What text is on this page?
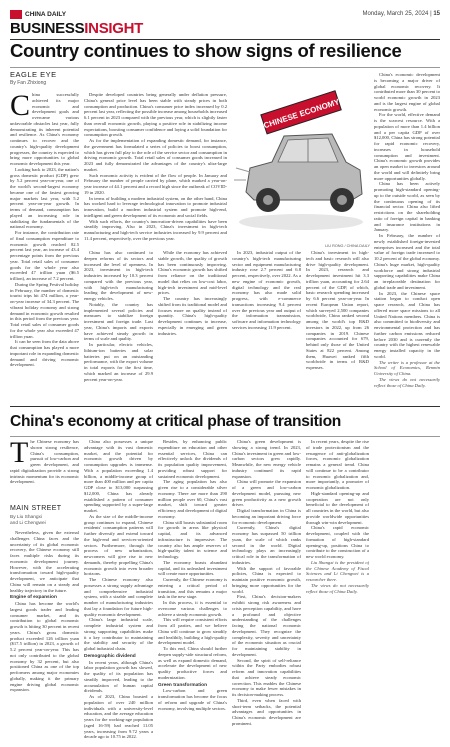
CHINA DAILY	Monday, March 25, 2024 | 15
BUSINESSINSIGHT
Country continues to show signs of resilience
EAGLE EYE
By Fan Zhixiong

China successfully achieved its major economic and development goals and overcame various unfavorable obstacles last year, fully demonstrating its inherent potential and resilience. As China's economy continues to recover and the country's high-quality development progresses, the country is expected to bring more opportunities to global economic development this year.

Looking back to 2023, the nation's gross domestic product (GDP) grew by 5.2 percent year-on-year, one of the world's second-largest economy became one of the fastest growing major markets last year, with 5.2 percent year-on-year growth. In terms of demand, consumption has played an increasing role in stabilizing the fundamentals of the national economy.

For instance, the contribution rate of final consumption expenditure to economic growth reached 82.5 percent last year, an increase of 43.4 percentage points from the previous year. Total retail sales of consumer goods for the whole year also exceeded 47 trillion yuan ($6.5 trillion), an increase of 7.2 percent.

During the Spring Festival holiday in February, the number of domestic tourist trips hit 474 million, a year-on-year increase of 34.3 percent. The vibrant holiday economy and strong demand in economic growth resulted in this period from the previous year. Total retail sales of consumer goods for the whole year also exceeded 47 trillion yuan.

It can be seen from the data above that consumption has played a more important role in expanding domestic demand and driving economic development.

China has also continued to deepen reforms of its sectors and increased the level of openness. In 2023, investment in high-tech industries increased by 10.3 percent compared with the previous year, with high-tech manufacturing leading the development of new-energy vehicles.

Notably, the country has implemented several policies and measures to stabilize foreign investment and foreign trade. Last year, China's imports and exports have achieved steady growth in terms of scale and quality.

In particular, electric vehicles, lithium-ion batteries and solar batteries put on an outstanding performance, with the export volume in total exports for the first time, which marked an increase of 29.9 percent year-on-year.

While the economy has achieved stable growth, the quality of growth has been continuously improving. China's economic growth has shifted from reliance on the traditional model that relies on low-cost labor, high-tech investment and mid-level prices.

The country has increasingly shifted from its traditional model and focuses more on quality instead of quantity. China's high-quality development continues to increase, especially in emerging and green industries.

In 2023, industrial output of the country's high-tech manufacturing sector and equipment manufacturing industry rose 2.7 percent and 6.8 percent, respectively, over 2022. As a new engine of economic growth, digital technology and the real economy has also made solid progress, with e-commerce transactions increasing 9.4 percent over the previous year and output of the information transmission, software and information technology services increasing 11.9 percent.

China's investment in high-tech and basic research will also drive high-quality development. In 2023, research and development investment hit 3.3 trillion yuan, accounting for 2.64 percent of the GDP, of which, basic research spending increased by 6.6 percent year-on-year. In recent European Union report, which surveyed 2,500 companies worldwide, China ranked second among the world's top R&D investors in 2022, up from 26 companies in 2019. Chinese companies accounted for 679, behind only those of the United States at 822 percent. Among them, Huawei ranked fifth worldwide in terms of R&D expenses.

China's economic development is becoming a major driver of global economic recovery. It contributed more than 30 percent to world economic growth in 2023 and is the largest engine of global economic growth.

For the world, effective demand is the scarcest resource. With a population of more than 1.4 billion and a per capita GDP of over $12,000, China has strong potential for rapid economic recovery, increases in household consumption and investment. China's economic growth provides an open market to investors around the world and will definitely bring more opportunities globally.

China has been actively promoting high-standard opening-up to the outside world, as seen by the continuous opening of its financial sector. China also lifted restrictions on the shareholding ratio of foreign capital in banking and insurance institutions in January.

In February, the number of newly established foreign-invested enterprises increased and the total value of foreign trade increased to 10.2 percent of the global economy. China's huge market, high-quality workforce and strong industrial supporting capabilities make China an irreplaceable destination for global trade and investment.

In 2023, the Chinese space station began to conduct open space research, and China has offered more space missions to all United Nations members. China is also committed to biodiversity and environmental protection and has further carbon emissions reduced before 2030 and is currently the country with the highest renewable energy installed capacity in the world.

The writer is a professor at the School of Economics, Renmin University of China.

The views do not necessarily reflect those of China Daily.

Despite developed countries being generally under deflation pressure, China's general price level has been stable with steady prices in both consumption and production. China's consumer price index increased by 0.2 percent last year, reflecting the possible increase among households increased 6.1 percent in 2023 compared with the previous year, which is slightly faster than overall economic growth, playing a positive role in stabilizing income expectations, boosting consumer confidence and laying a solid foundation for consumption growth.

As for the implementation of expanding domestic demand, for instance, the government has formulated a series of policies to boost consumption, which has given full play to the role of the service sector and consumption in driving economic growth. Total retail sales of consumer goods increased in 2023 and fully demonstrated the advantages of the country's ultra-large market.

Such economic activity is evident of the flow of people. In January and February the number of people carried by plane, which marked a year-on-year increase of 44.1 percent and a record high since the outbreak of COVID-19 in 2020.

In terms of building a modern industrial system, on the other hand, China has worked hard to leverage technological innovation to promote industrial innovation, build a modern industrial system and promote high-end, intelligent and green development of its economic and social fields.

With such efforts, the country's innovation-driven capabilities have been steadily improving. Also in 2023, China's investment in high-tech manufacturing and high-tech service industries increased by 9.9 percent and 11.4 percent, respectively, over the previous year.

CHINESE ECONOMY
LIU RONG / CHINA DAILY
China's economy at critical phase of transition
MAIN STREET
By Liu Shangxi
and Li Chengwei

The Chinese economy has shown strong resilience, China's consumption, pursuit of low-carbon and green development, and rapid digitalization provide a strong intrinsic momentum for its economic development.

Nevertheless, given the external challenges China faces and the uncertainty of its global economic recovery, the Chinese economy still faces multiple risks during its economic development journey. However, with the accelerating transformation toward high-quality development, we anticipate that China will remain on a steady and healthy trajectory in the future.

Engine of expansion

China has become the world's largest goods trader and leading consumer market, and its contribution to global economic growth is hitting 30 percent in recent years. China's gross domestic product exceeded 126 trillion yuan ($17.5 trillion) in 2023, a growth of 5.2 percent year-on-year. This has not only contributed to the global economy by 32 percent, but also positioned China as one of the top performers among major economies globally, making it the primary engine driving global economic expansion.

China also possesses a unique advantage with its vast domestic market, and the potential for economic growth driven by consumption upgrades is immense. With a population exceeding 1.4 billion, a middle-income group of more than 400 million and per capita GDP close to $13,000 surpassing $12,000, China has already established a pattern of consumer spending supported by a super-large market.

As the size of the middle-income group continues to expand, Chinese residents' consumption patterns will further diversify and extend toward the high-end and services-oriented sectors. Furthermore, through the process of new urbanization, newcomers will give rise to new demands, thereby propelling China's economic growth into even broader horizons.

The Chinese economy also possesses a strong supply advantage and comprehensive industrial system, with a sizable and complete number of manufacturing industries that lay a foundation for future high-quality economic development.

China's large industrial scale, complete industrial system and strong supporting capabilities make it a key contributor to maintaining the stability and security of the global industrial chain.

Demographic dividend

In recent years, although China's labor population growth has slowed, the quality of its population has steadily improved, leading to the accumulation of human capital dividends.

As of 2023, China boasted a population of over 240 million individuals with a university-level education, and the average education years for the working-age population (aged 16-59) had reached 11.05 years, increasing from 9.72 years a decade ago to 10.75 in 2022.

Besides, by enhancing public expenditure on education and other essential services, China can effectively unlock the dividends of its population quality improvement, providing robust support for sustained economic development.

The aging population has also given rise to a considerable silver economy. There are more than 290 million people over 60, China's vast market, shift toward greater efficiency and development of digital economy.

China still boasts substantial room for growth in areas like physical capital, and its advanced infrastructure is impressive. The country also has ample reserves of high-quality talent in science and technology.

The economy boasts abundant capital, and its unleashed investment will create more opportunities.

Currently, the Chinese economy is entering a critical period of transition, and this remains a major task in the new stage.

In this process, it is essential to overcome various challenges to achieve a steady economic growth.

This will require consistent efforts from all parties, and we believe China will continue to grow steadily and healthily, building a high-quality development model.

To this end, China should further deepen supply-side structural reform, as well as expand domestic demand, accelerate the development of new quality productive forces and modernization.

Green transformation

Low-carbon and green transformation has become the focus of reform and upgrade of China's economy, involving multiple sectors.

China's green development is showing a strong trend. In 2023, China's investment in green and low-carbon sectors grew rapidly. Meanwhile, the new energy vehicle industry continued its rapid expansion.

China will promote the expansion of a green and low-carbon development model, pursuing new green productivity as a new growth driver.

Digital transformation in China is becoming an important driving force for economic development.

Currently, China's digital economy has surpassed 50 trillion yuan, the scale of which ranks second in the world. Digital technology plays an increasingly critical role in the transformation of industries.

With the support of favorable policies, China is expected to maintain positive economic growth, bringing more opportunities for the world.

First, China's decision-makers exhibit strong risk awareness and crisis perception capability, and have a profound and objective understanding of the challenges facing the national economic development. They recognize the complexity, severity and uncertainty of the economic situation as crucial for maintaining stability in development.

Second, the spirit of self-reliance within the Party embodies robust reform and innovation capabilities that achieve steady economic correction. This enables the Chinese economy to make fewer mistakes in its decision-making process.

Third, even when faced with short-term setbacks, the potential advantages and opportunities in China's economic development are prominent.

In recent years, despite the rise of trade protectionism and the resurgence of anti-globalization forces, economic globalization remains a general trend. China will continue to be a contributor to economic globalization and, more importantly, a promoter of economic globalization.

High-standard opening-up and cooperation are not only beneficial to the development of all countries in the world, but also provide worldwide opportunities through win-win development.

China's rapid economic development, coupled with the formation of high-standard opening-up, positions China to contribute to the construction of a new world economy.

Liu Shangxi is the president of the Chinese Academy of Fiscal Sciences and Li Chengwei is a researcher there.

The views do not necessarily reflect those of China Daily.
